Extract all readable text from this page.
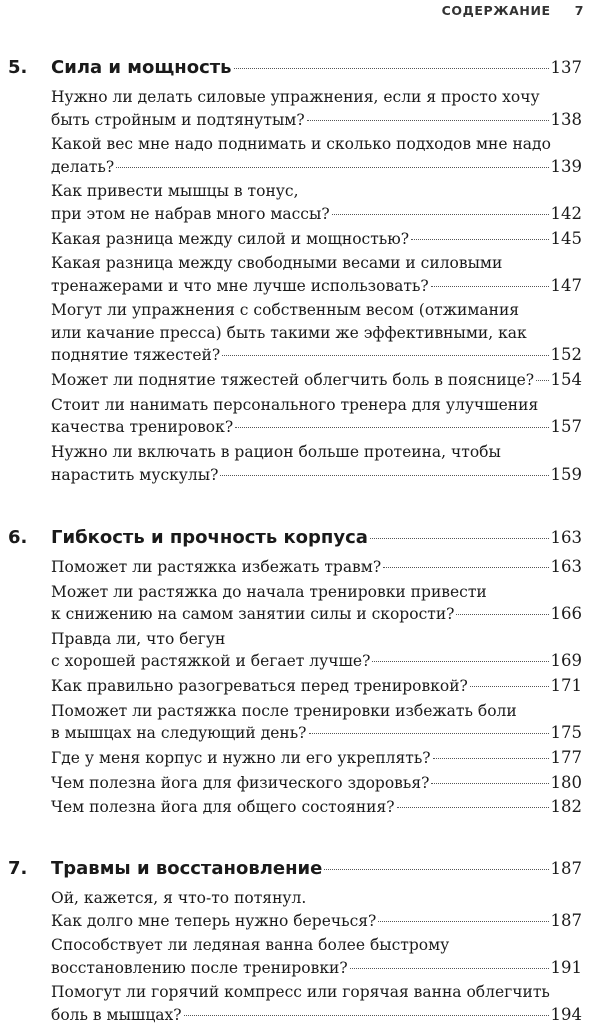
СОДЕРЖАНИЕ 7
5. Сила и мощность	137
Нужно ли делать силовые упражнения, если я просто хочу
быть стройным и подтянутым?	138
Какой вес мне надо поднимать и сколько подходов мне надо
делать?	139
Как привести мышцы в тонус,
при этом не набрав много массы?	142
Какая разница между силой и мощностью?	145
Какая разница между свободными весами и силовыми
тренажерами и что мне лучше использовать?	147
Могут ли упражнения с собственным весом (отжимания
или качание пресса) быть такими же эффективными, как
поднятие тяжестей?	152
Может ли поднятие тяжестей облегчить боль в пояснице? 154
Стоит ли нанимать персонального тренера для улучшения
качества тренировок?	157
Нужно ли включать в рацион больше протеина, чтобы
нарастить мускулы?	159
6. Гибкость и прочность корпуса	163
Поможет ли растяжка избежать травм?	163
Может ли растяжка до начала тренировки привести
к снижению на самом занятии силы и скорости?	166
Правда ли, что бегун
с хорошей растяжкой и бегает лучше?	169
Как правильно разогреваться перед тренировкой?	171
Поможет ли растяжка после тренировки избежать боли
в мышцах на следующий день?	175
Где у меня корпус и нужно ли его укреплять?	177
Чем полезна йога для физического здоровья?	180
Чем полезна йога для общего состояния?	182
7. Травмы и восстановление	187
Ой, кажется, я что-то потянул.
Как долго мне теперь нужно беречься?	187
Способствует ли ледяная ванна более быстрому
восстановлению после тренировки?	191
Помогут ли горячий компресс или горячая ванна облегчить
боль в мышцах?	194
